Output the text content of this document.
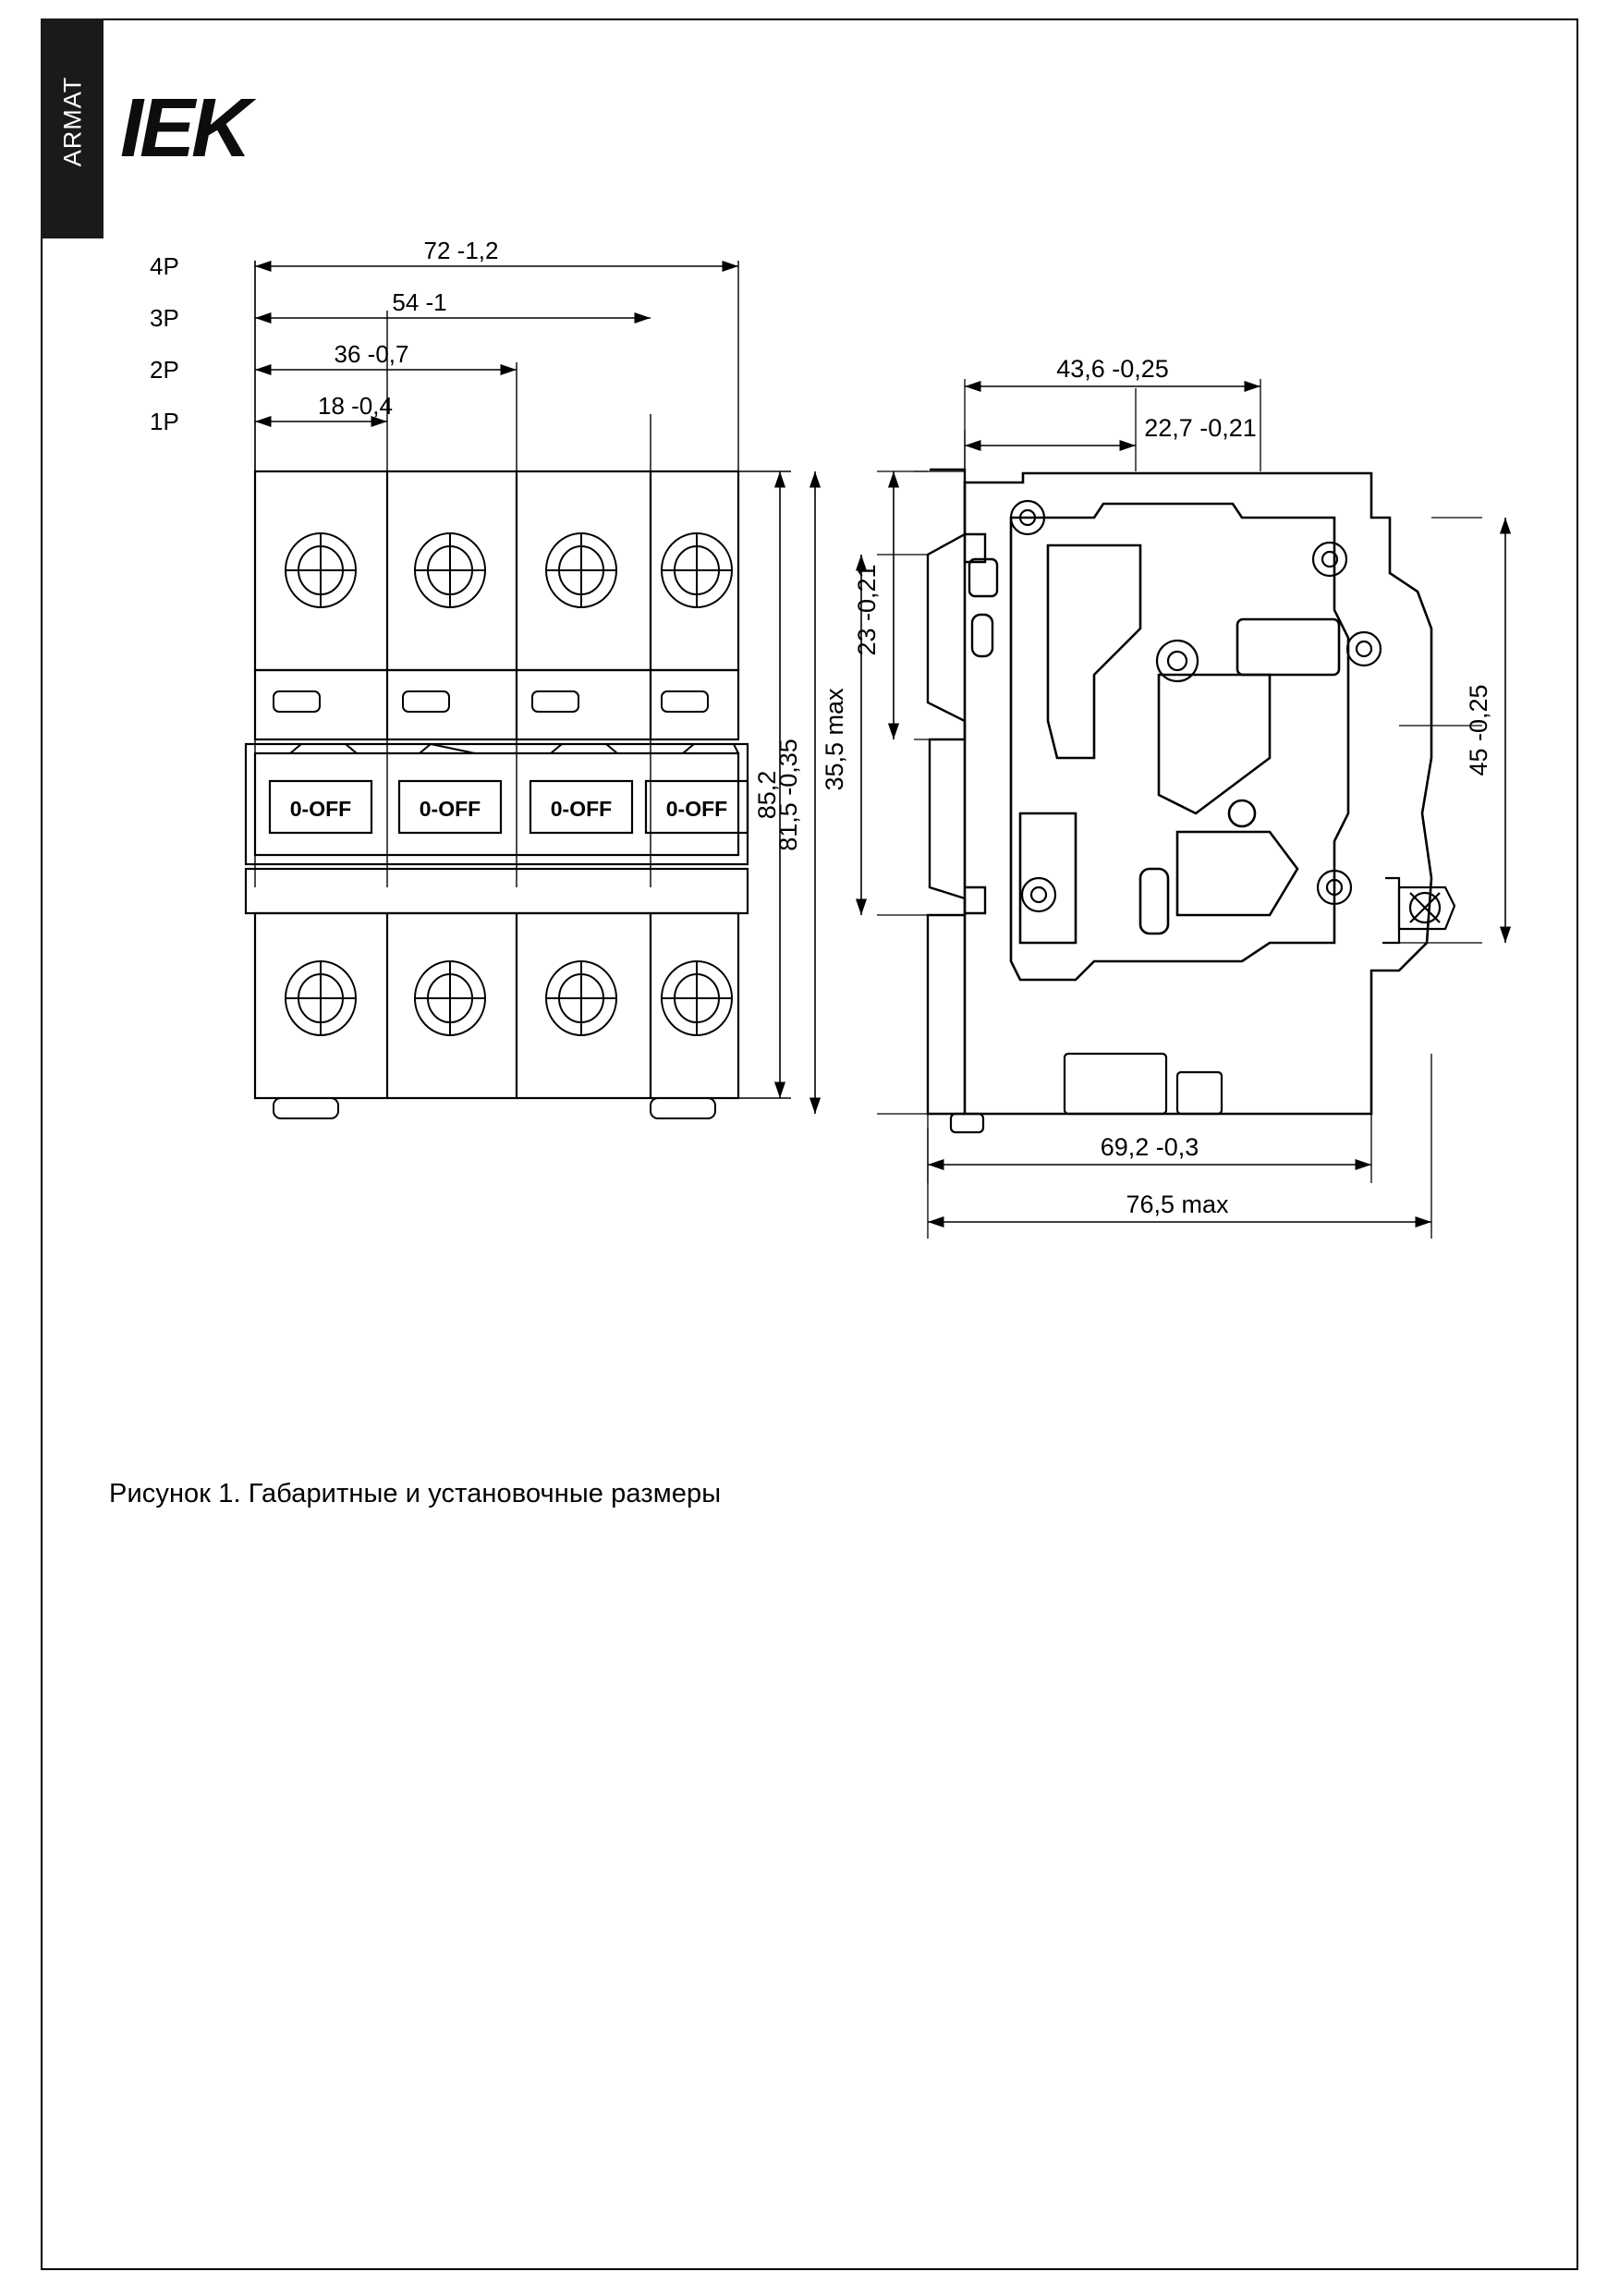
ARMAT IEK
4P
3P
2P
1P
72 -1,2
54 -1
36 -0,7
18 -0,4
0-OFF	0-OFF	0-OFF	0-OFF 85,2
43,6 -0,25
22,7 -0,21
23 -0,21
35,5 max
81,5 -0,35
45 -0,25
69,2 -0,3
76,5 max
Рисунок 1. Габаритные и установочные размеры
